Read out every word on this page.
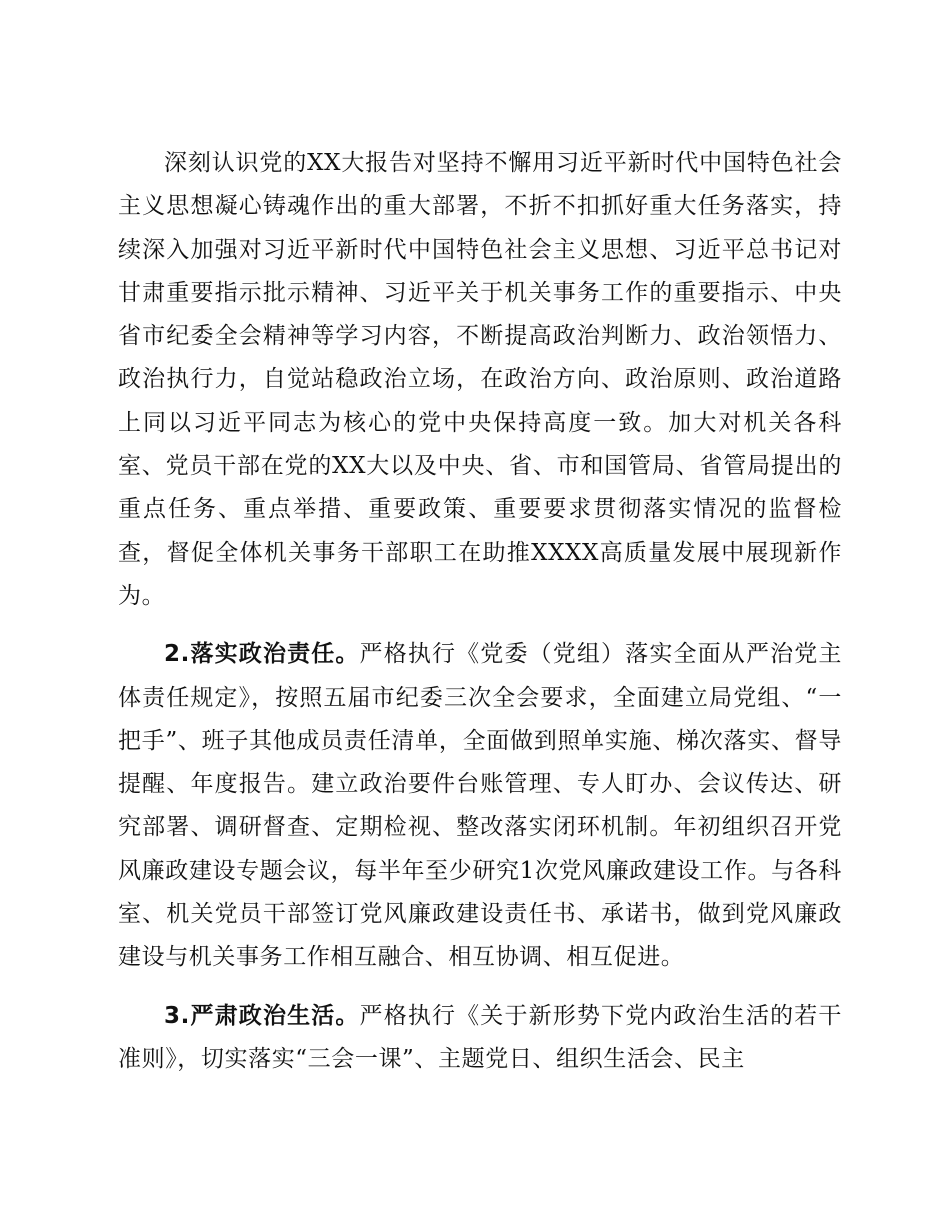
深刻认识党的XX大报告对坚持不懈用习近平新时代中国特色社会主义思想凝心铸魂作出的重大部署，不折不扣抓好重大任务落实，持续深入加强对习近平新时代中国特色社会主义思想、习近平总书记对甘肃重要指示批示精神、习近平关于机关事务工作的重要指示、中央省市纪委全会精神等学习内容，不断提高政治判断力、政治领悟力、政治执行力，自觉站稳政治立场，在政治方向、政治原则、政治道路上同以习近平同志为核心的党中央保持高度一致。加大对机关各科室、党员干部在党的XX大以及中央、省、市和国管局、省管局提出的重点任务、重点举措、重要政策、重要要求贯彻落实情况的监督检查，督促全体机关事务干部职工在助推XXXX高质量发展中展现新作为。

2.落实政治责任。严格执行《党委（党组）落实全面从严治党主体责任规定》，按照五届市纪委三次全会要求，全面建立局党组、“一把手”、班子其他成员责任清单，全面做到照单实施、梯次落实、督导提醒、年度报告。建立政治要件台账管理、专人盯办、会议传达、研究部署、调研督查、定期检视、整改落实闭环机制。年初组织召开党风廉政建设专题会议，每半年至少研究1次党风廉政建设工作。与各科室、机关党员干部签订党风廉政建设责任书、承诺书，做到党风廉政建设与机关事务工作相互融合、相互协调、相互促进。

3.严肃政治生活。严格执行《关于新形势下党内政治生活的若干准则》，切实落实“三会一课”、主题党日、组织生活会、民主
